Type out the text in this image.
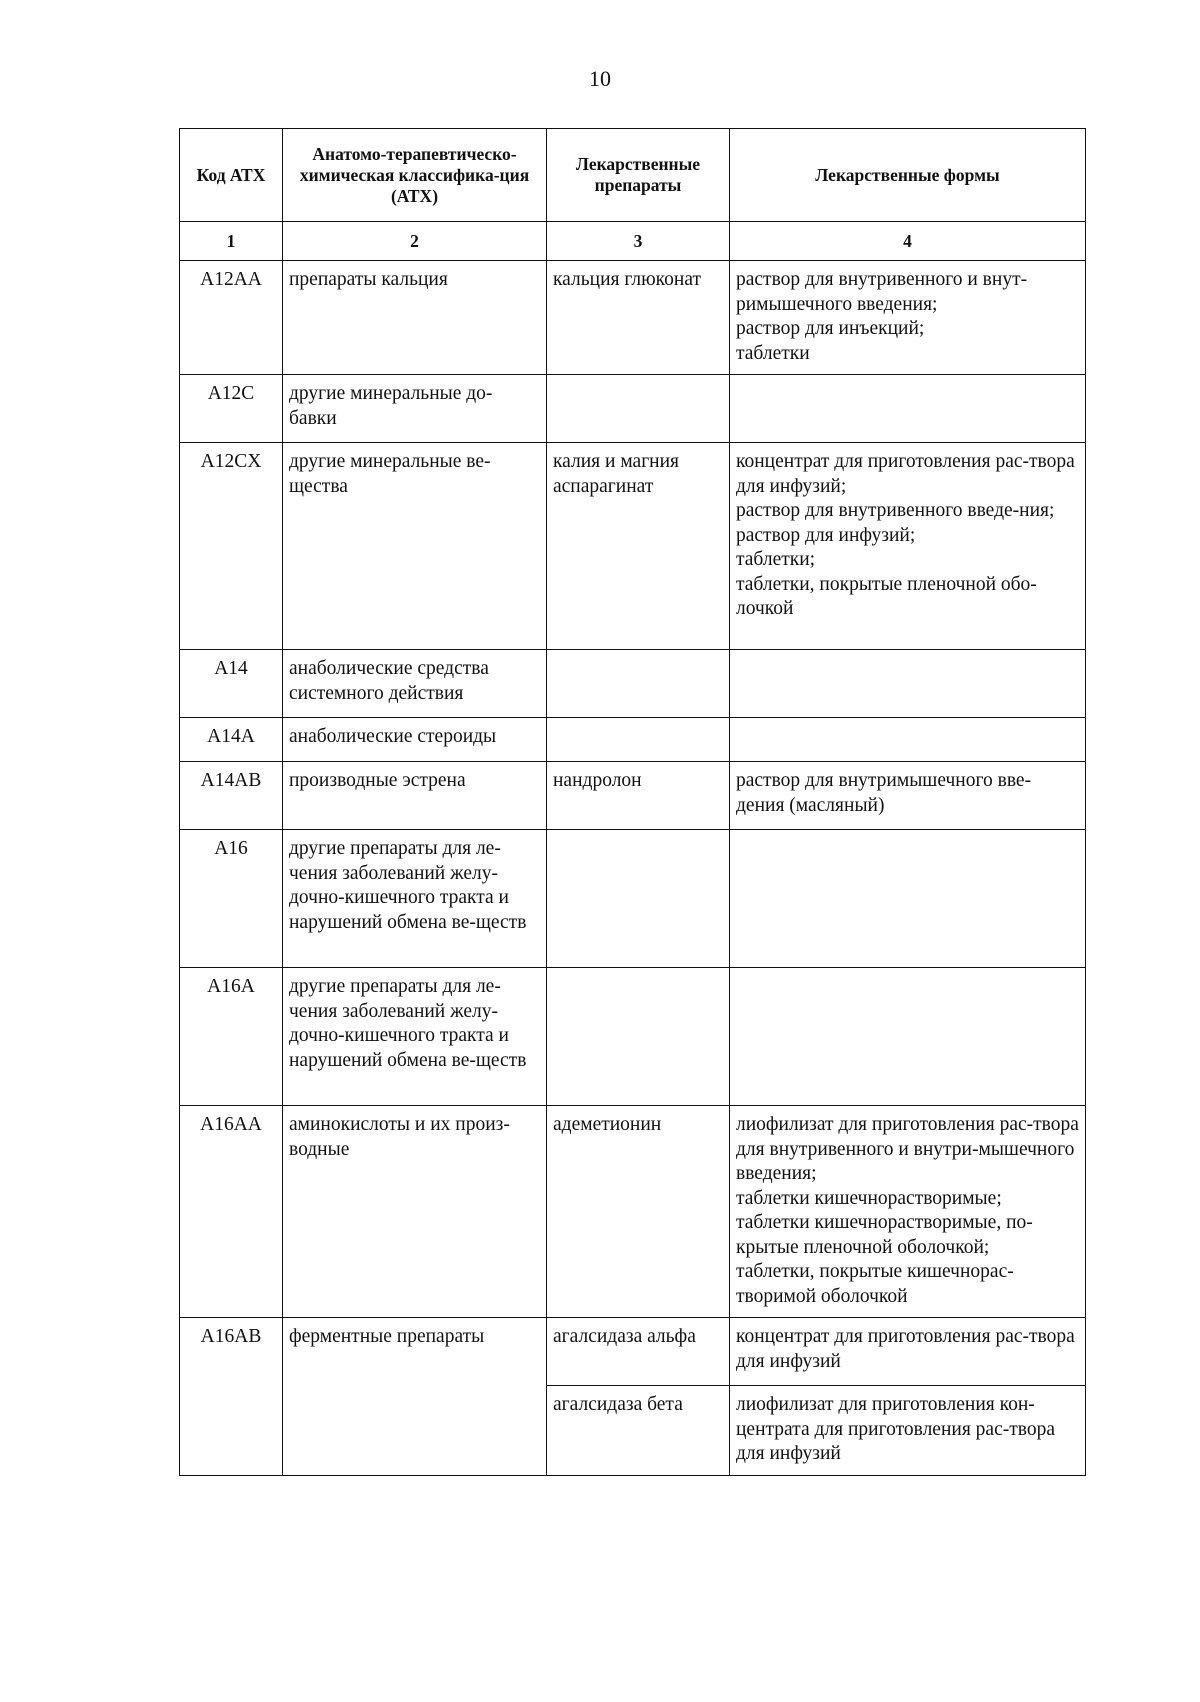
10
Код АТХ	Анатомо-терапевтическо-химическая классифика-ция (АТХ)	Лекарственные препараты	Лекарственные формы
1	2	3	4
A12AA	препараты кальция	кальция глюконат	раствор для внутривенного и внут-римышечного введения;
раствор для инъекций;
таблетки

A12C	другие минеральные до-бавки		
A12CX	другие минеральные ве-щества	калия и магния аспарагинат	концентрат для приготовления рас-твора для инфузий;
раствор для внутривенного введе-ния;
раствор для инфузий;
таблетки;
таблетки, покрытые пленочной обо-лочкой

A14	анаболические средства системного действия		
A14A	анаболические стероиды		
A14AB	производные эстрена	нандролон	раствор для внутримышечного вве-дения (масляный)

A16	другие препараты для ле-чения заболеваний желу-дочно-кишечного тракта и нарушений обмена ве-ществ		
A16A	другие препараты для ле-чения заболеваний желу-дочно-кишечного тракта и нарушений обмена ве-ществ		
A16AA	аминокислоты и их произ-водные	адеметионин	лиофилизат для приготовления рас-твора для внутривенного и внутри-мышечного введения;
таблетки кишечнорастворимые;
таблетки кишечнорастворимые, по-крытые пленочной оболочкой;
таблетки, покрытые кишечнорас-творимой оболочкой

A16AB	ферментные препараты	агалсидаза альфа	концентрат для приготовления рас-твора для инфузий

		агалсидаза бета	лиофилизат для приготовления кон-центрата для приготовления рас-твора для инфузий
